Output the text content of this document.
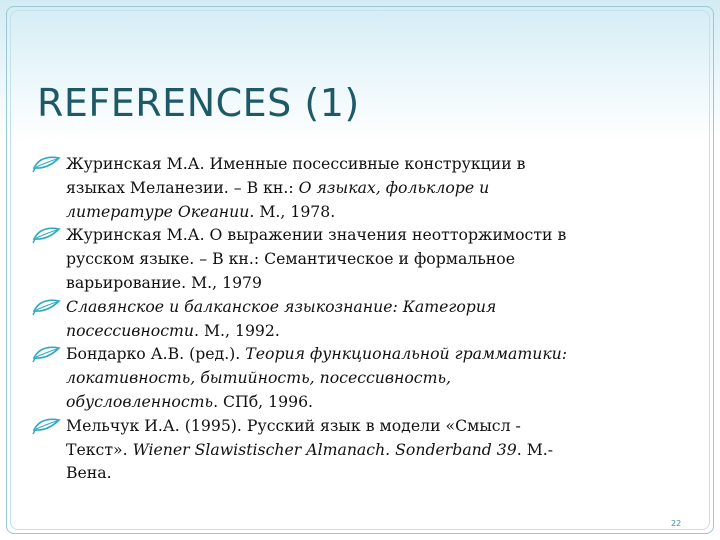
REFERENCES (1)
Журинская М.А. Именные посессивные конструкции в
языках Меланезии. – В кн.: О языках, фольклоре и
литературе Океании. М., 1978.
Журинская М.А. О выражении значения неотторжимости в
русском языке. – В кн.: Семантическое и формальное
варьирование. М., 1979
Славянское и балканское языкознание: Категория
посессивности. М., 1992.
Бондарко А.В. (ред.). Теория функциональной грамматики:
локативность, бытийность, посессивность,
обусловленность. СПб, 1996.
Мельчук И.А. (1995). Русский язык в модели «Смысл -
Текст». Wiener Slawistischer Almanach. Sonderband 39. М.-
Вена.
22
